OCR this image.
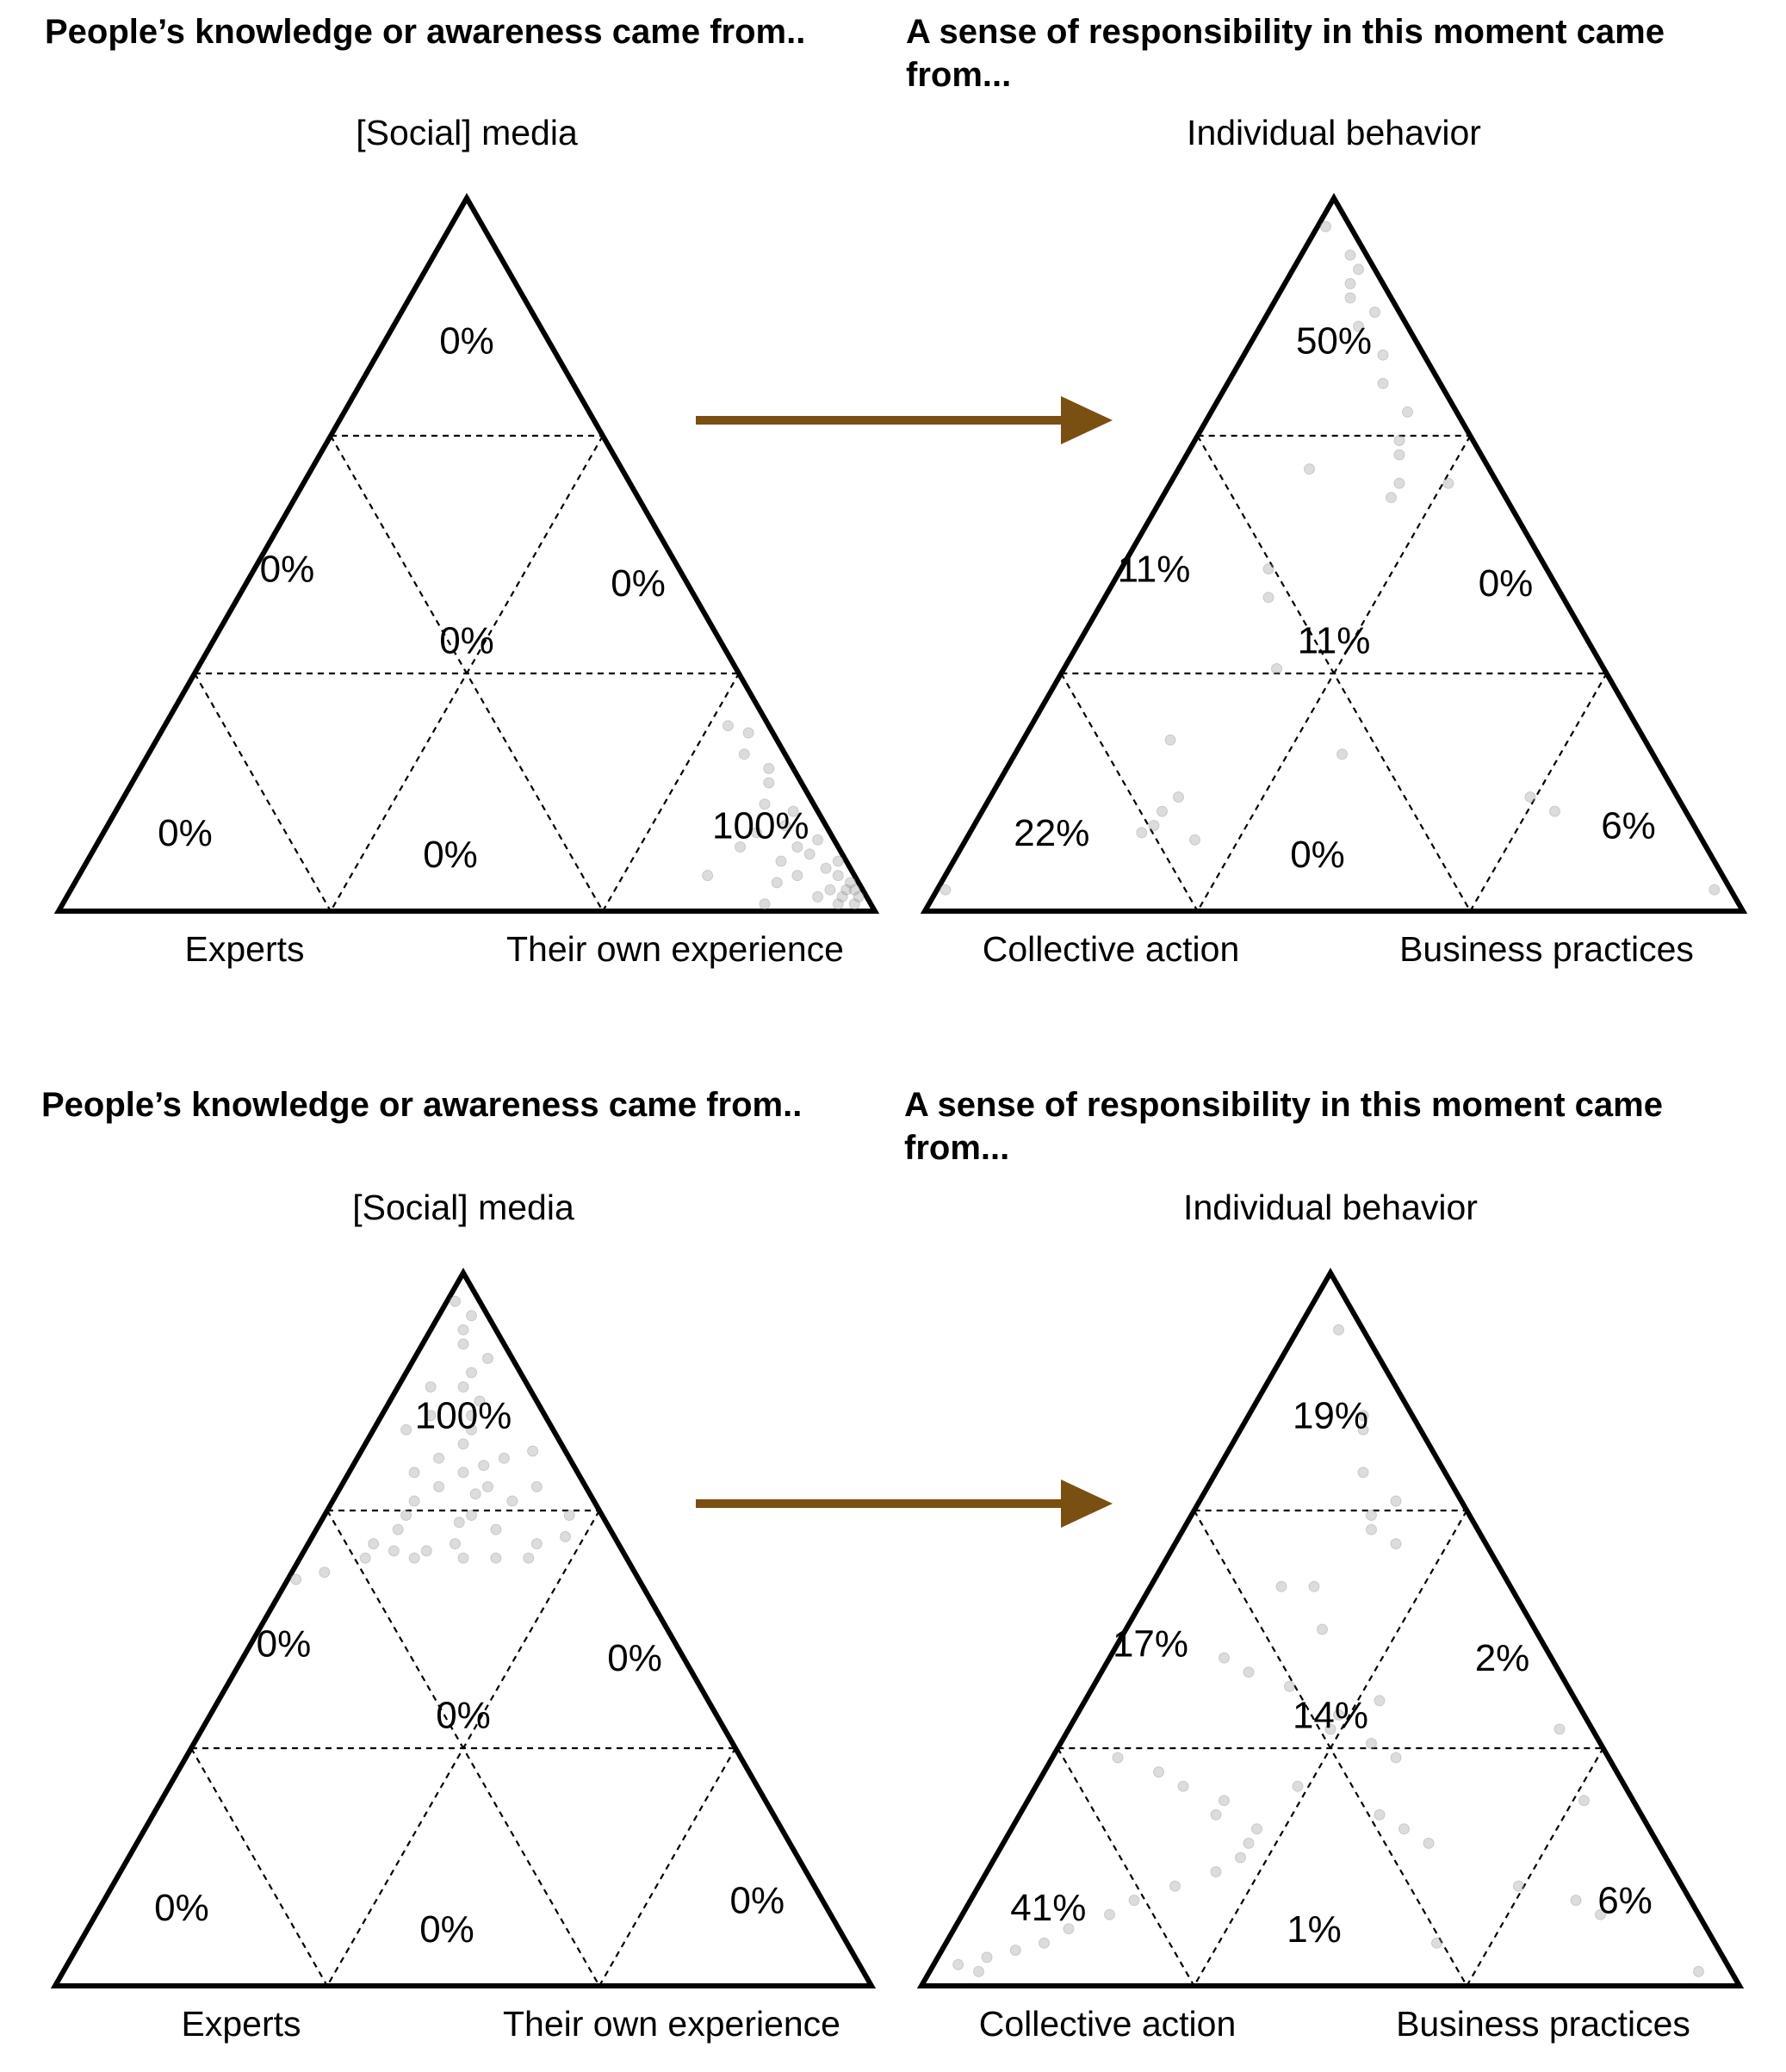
People’s knowledge or awareness came from..	A sense of responsibility in this moment came from...
People’s knowledge or awareness came from..	A sense of responsibility in this moment came from...
0%
0%	0%
0%
0%
0%
100%
[Social] media
Experts	Their own experience
50%
11%	0%
11%
22%
0%
6%
Individual behavior
Collective action	Business practices
100%
0%	0%
0%
0%
0%
0%
[Social] media
Experts	Their own experience
19%
17%	2%
14%
41%
1%
6%
Individual behavior
Collective action	Business practices
